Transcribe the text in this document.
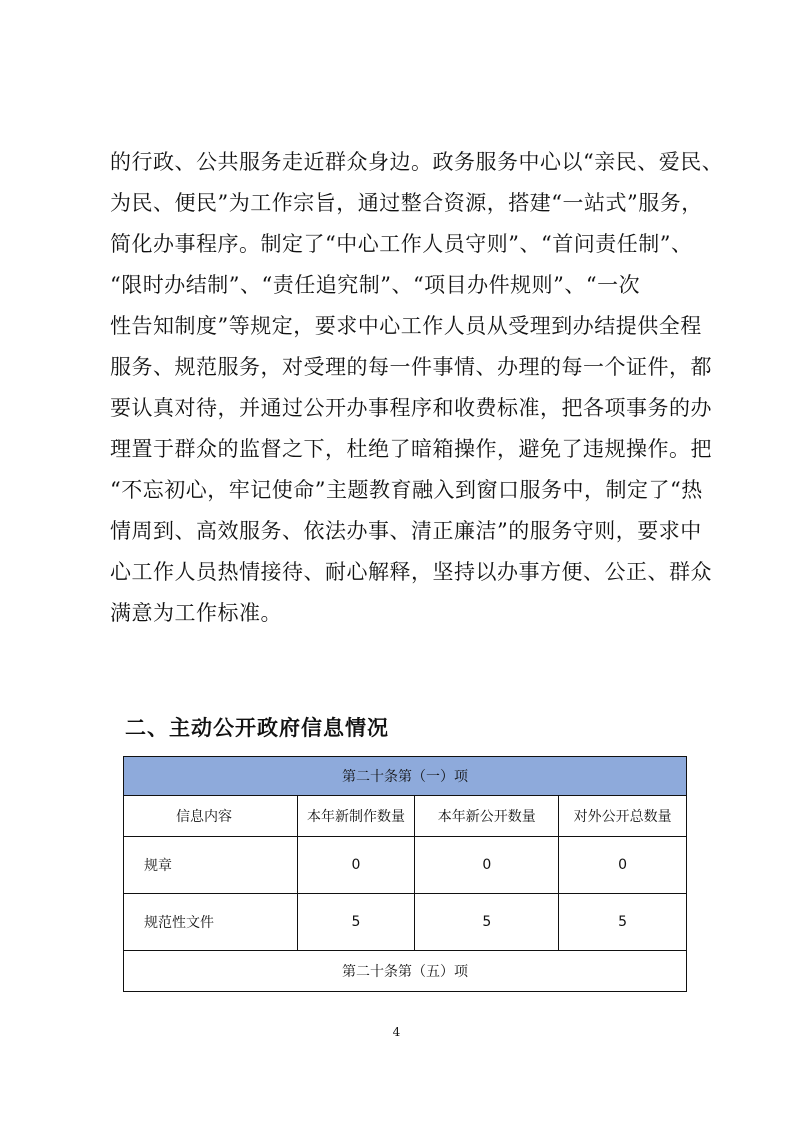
的行政、公共服务走近群众身边。政务服务中心以“亲民、爱民、
为民、便民”为工作宗旨，通过整合资源，搭建“一站式”服务，
简化办事程序。制定了“中心工作人员守则”、“首问责任制”、
“限时办结制”、“责任追究制”、“项目办件规则”、“一次
性告知制度”等规定，要求中心工作人员从受理到办结提供全程
服务、规范服务，对受理的每一件事情、办理的每一个证件，都
要认真对待，并通过公开办事程序和收费标准，把各项事务的办
理置于群众的监督之下，杜绝了暗箱操作，避免了违规操作。把
“不忘初心，牢记使命”主题教育融入到窗口服务中，制定了“热
情周到、高效服务、依法办事、清正廉洁”的服务守则，要求中
心工作人员热情接待、耐心解释，坚持以办事方便、公正、群众
满意为工作标准。
二、主动公开政府信息情况
第二十条第（一）项			
信息内容	本年新制作数量	本年新公开数量	对外公开总数量
规章	0	0	0
规范性文件	5	5	5
第二十条第（五）项			
4
